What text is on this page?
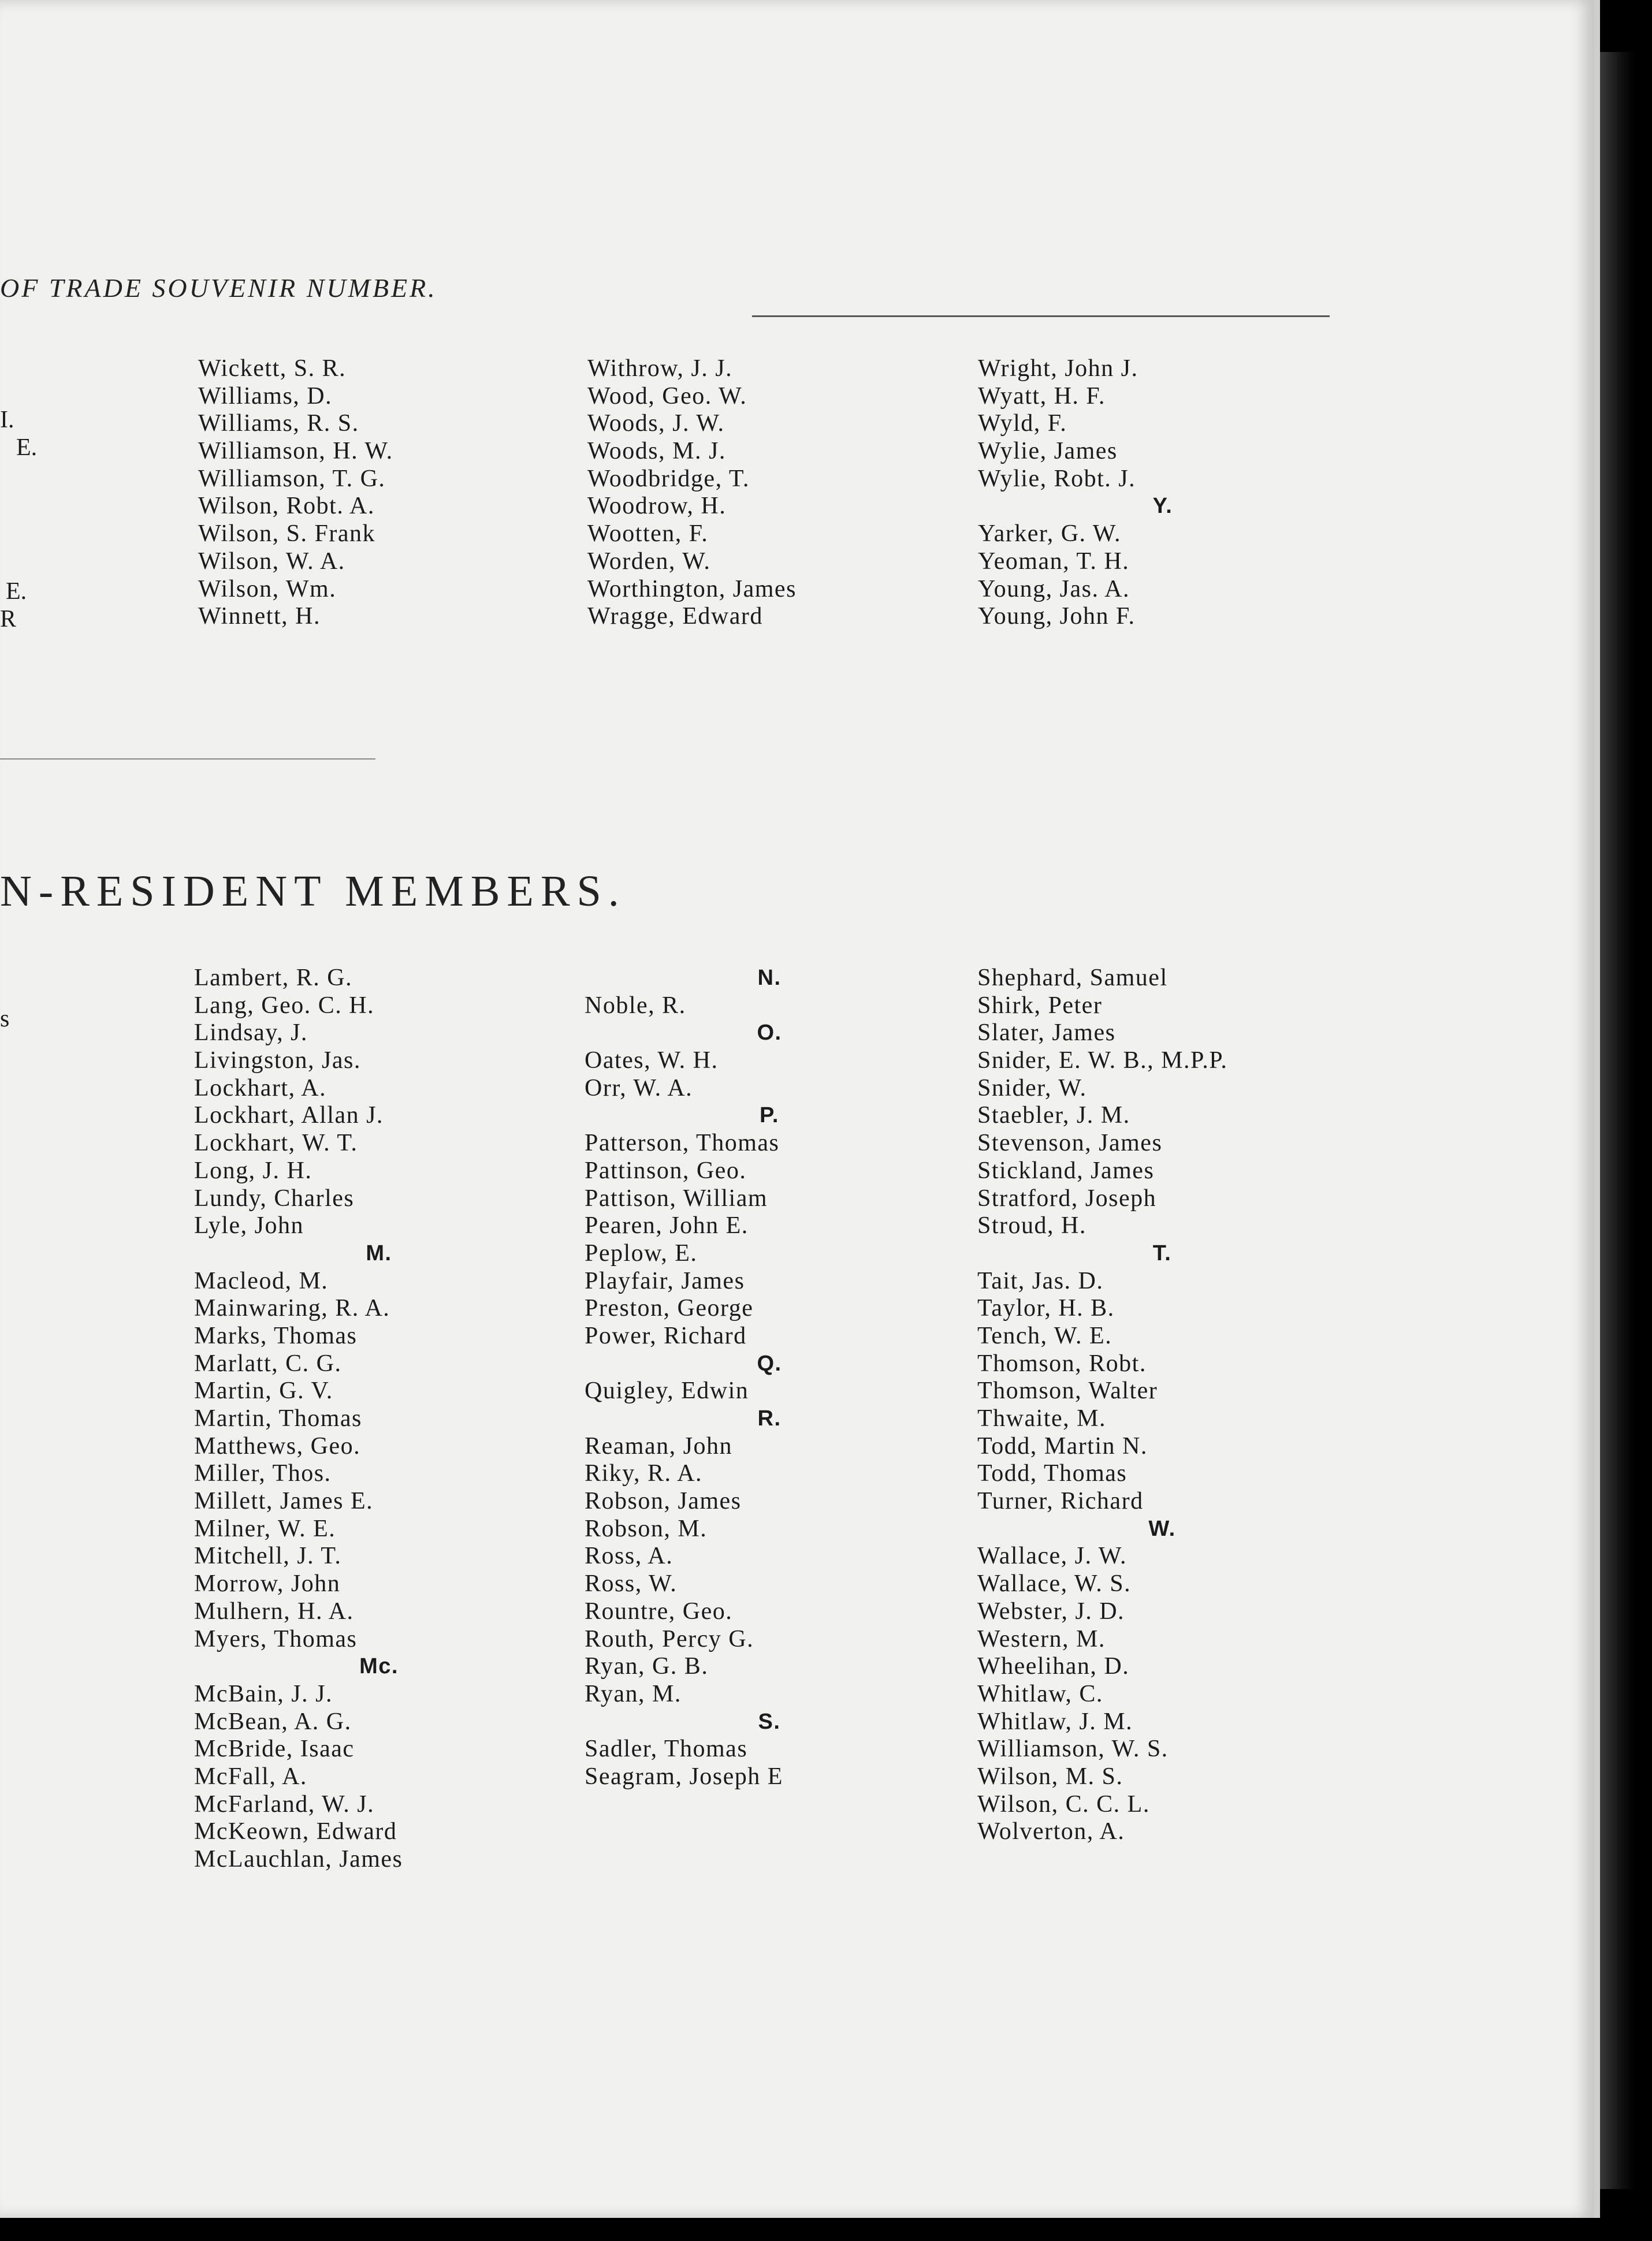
OF TRADE SOUVENIR NUMBER.
I.
E.
E.
R
Wickett, S. R.
Williams, D.
Williams, R. S.
Williamson, H. W.
Williamson, T. G.
Wilson, Robt. A.
Wilson, S. Frank
Wilson, W. A.
Wilson, Wm.
Winnett, H.
Withrow, J. J.
Wood, Geo. W.
Woods, J. W.
Woods, M. J.
Woodbridge, T.
Woodrow, H.
Wootten, F.
Worden, W.
Worthington, James
Wragge, Edward
Wright, John J.
Wyatt, H. F.
Wyld, F.
Wylie, James
Wylie, Robt. J.
Y.
Yarker, G. W.
Yeoman, T. H.
Young, Jas. A.
Young, John F.
N-RESIDENT MEMBERS.
s
Lambert, R. G.
Lang, Geo. C. H.
Lindsay, J.
Livingston, Jas.
Lockhart, A.
Lockhart, Allan J.
Lockhart, W. T.
Long, J. H.
Lundy, Charles
Lyle, John
M.
Macleod, M.
Mainwaring, R. A.
Marks, Thomas
Marlatt, C. G.
Martin, G. V.
Martin, Thomas
Matthews, Geo.
Miller, Thos.
Millett, James E.
Milner, W. E.
Mitchell, J. T.
Morrow, John
Mulhern, H. A.
Myers, Thomas
Mc.
McBain, J. J.
McBean, A. G.
McBride, Isaac
McFall, A.
McFarland, W. J.
McKeown, Edward
McLauchlan, James
N.
Noble, R.
O.
Oates, W. H.
Orr, W. A.
P.
Patterson, Thomas
Pattinson, Geo.
Pattison, William
Pearen, John E.
Peplow, E.
Playfair, James
Preston, George
Power, Richard
Q.
Quigley, Edwin
R.
Reaman, John
Riky, R. A.
Robson, James
Robson, M.
Ross, A.
Ross, W.
Rountre, Geo.
Routh, Percy G.
Ryan, G. B.
Ryan, M.
S.
Sadler, Thomas
Seagram, Joseph E
Shephard, Samuel
Shirk, Peter
Slater, James
Snider, E. W. B., M.P.P.
Snider, W.
Staebler, J. M.
Stevenson, James
Stickland, James
Stratford, Joseph
Stroud, H.
T.
Tait, Jas. D.
Taylor, H. B.
Tench, W. E.
Thomson, Robt.
Thomson, Walter
Thwaite, M.
Todd, Martin N.
Todd, Thomas
Turner, Richard
W.
Wallace, J. W.
Wallace, W. S.
Webster, J. D.
Western, M.
Wheelihan, D.
Whitlaw, C.
Whitlaw, J. M.
Williamson, W. S.
Wilson, M. S.
Wilson, C. C. L.
Wolverton, A.
